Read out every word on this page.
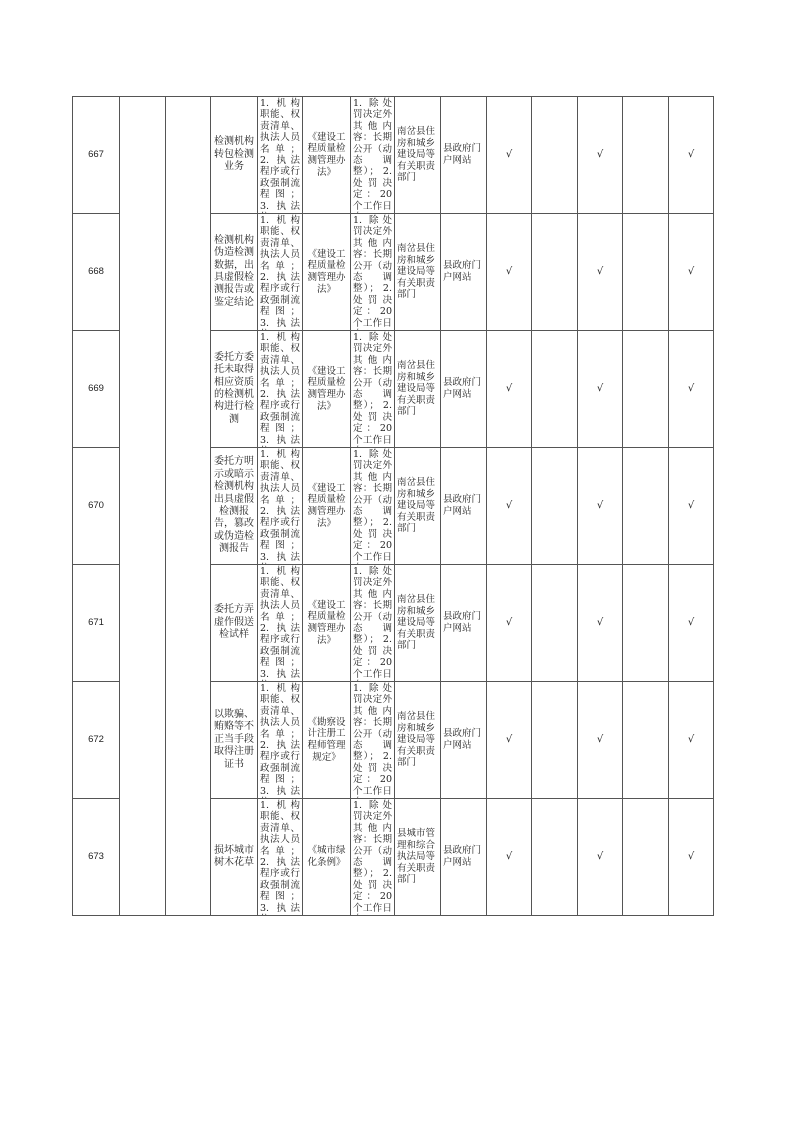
667			检测机构转包检测业务	1. 机构职能、权责清单、执法人员名单； 2. 执法程序或行政强制流程图； 3. 执法	《建设工程质量检测管理办法》	1. 除处罚决定外其他内容：长期公开（动态调整）； 2. 处罚决定：20个工作日	南岔县住房和城乡建设局等有关职责部门	县政府门户网站	√		√		√	
668			检测机构伪造检测数据，出具虚假检测报告或鉴定结论	1. 机构职能、权责清单、执法人员名单； 2. 执法程序或行政强制流程图； 3. 执法	《建设工程质量检测管理办法》	1. 除处罚决定外其他内容：长期公开（动态调整）； 2. 处罚决定：20个工作日	南岔县住房和城乡建设局等有关职责部门	县政府门户网站	√		√		√	
669			委托方委托未取得相应资质的检测机构进行检测	1. 机构职能、权责清单、执法人员名单； 2. 执法程序或行政强制流程图； 3. 执法	《建设工程质量检测管理办法》	1. 除处罚决定外其他内容：长期公开（动态调整）； 2. 处罚决定：20个工作日	南岔县住房和城乡建设局等有关职责部门	县政府门户网站	√		√		√	
670			委托方明示或暗示检测机构出具虚假检测报告，篡改或伪造检测报告	1. 机构职能、权责清单、执法人员名单； 2. 执法程序或行政强制流程图； 3. 执法	《建设工程质量检测管理办法》	1. 除处罚决定外其他内容：长期公开（动态调整）； 2. 处罚决定：20个工作日	南岔县住房和城乡建设局等有关职责部门	县政府门户网站	√		√		√	
671			委托方弄虚作假送检试样	1. 机构职能、权责清单、执法人员名单； 2. 执法程序或行政强制流程图； 3. 执法	《建设工程质量检测管理办法》	1. 除处罚决定外其他内容：长期公开（动态调整）； 2. 处罚决定：20个工作日	南岔县住房和城乡建设局等有关职责部门	县政府门户网站	√		√		√	
672			以欺骗、贿赂等不正当手段取得注册证书	1. 机构职能、权责清单、执法人员名单； 2. 执法程序或行政强制流程图； 3. 执法	《勘察设计注册工程师管理规定》	1. 除处罚决定外其他内容：长期公开（动态调整）； 2. 处罚决定：20个工作日	南岔县住房和城乡建设局等有关职责部门	县政府门户网站	√		√		√	
673			损坏城市树木花草	1. 机构职能、权责清单、执法人员名单； 2. 执法程序或行政强制流程图； 3. 执法	《城市绿化条例》	1. 除处罚决定外其他内容：长期公开（动态调整）； 2. 处罚决定：20个工作日	县城市管理和综合执法局等有关职责部门	县政府门户网站	√		√		√	
